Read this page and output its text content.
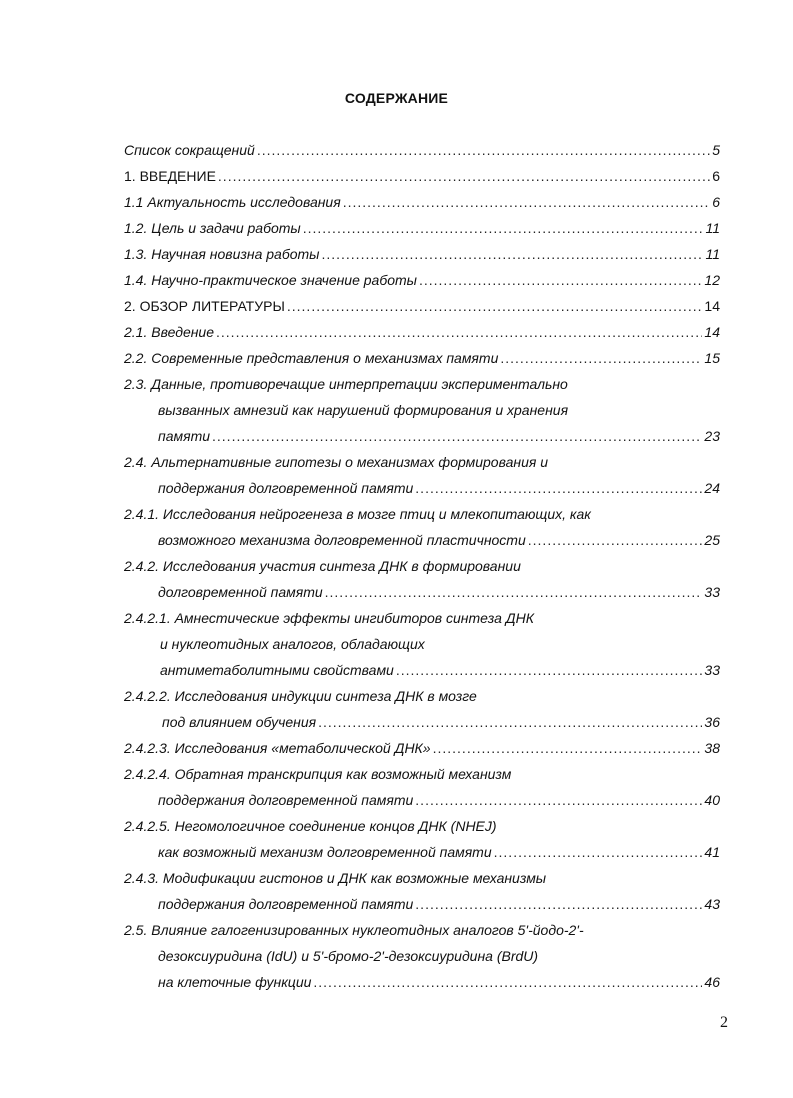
СОДЕРЖАНИЕ
Список сокращений .....	5
1. ВВЕДЕНИЕ .....	6
1.1 Актуальность исследования .....	6
1.2. Цель и задачи работы .....	11
1.3. Научная новизна работы .....	11
1.4. Научно-практическое значение работы .....	12
2. ОБЗОР ЛИТЕРАТУРЫ .....	14
2.1. Введение .....	14
2.2. Современные представления о механизмах памяти .....	15
2.3. Данные, противоречащие интерпретации экспериментально
вызванных амнезий как нарушений формирования и хранения
памяти .....	23
2.4. Альтернативные гипотезы о механизмах формирования и
поддержания долговременной памяти .....	24
2.4.1. Исследования нейрогенеза в мозге птиц и млекопитающих, как
возможного механизма долговременной пластичности .....	25
2.4.2. Исследования участия синтеза ДНК в формировании
долговременной памяти .....	33
2.4.2.1. Амнестические эффекты ингибиторов синтеза ДНК
и нуклеотидных аналогов, обладающих
антиметаболитными свойствами .....	33
2.4.2.2. Исследования индукции синтеза ДНК в мозге
под влиянием обучения .....	36
2.4.2.3. Исследования «метаболической ДНК» .....	38
2.4.2.4. Обратная транскрипция как возможный механизм
поддержания долговременной памяти .....	40
2.4.2.5. Негомологичное соединение концов ДНК (NHEJ)
как возможный механизм долговременной памяти .....	41
2.4.3. Модификации гистонов и ДНК как возможные механизмы
поддержания долговременной памяти .....	43
2.5. Влияние галогенизированных нуклеотидных аналогов 5'-йодо-2'-
дезоксиуридина (IdU) и 5'-бромо-2'-дезоксиуридина (BrdU)
на клеточные функции .....	46
2
